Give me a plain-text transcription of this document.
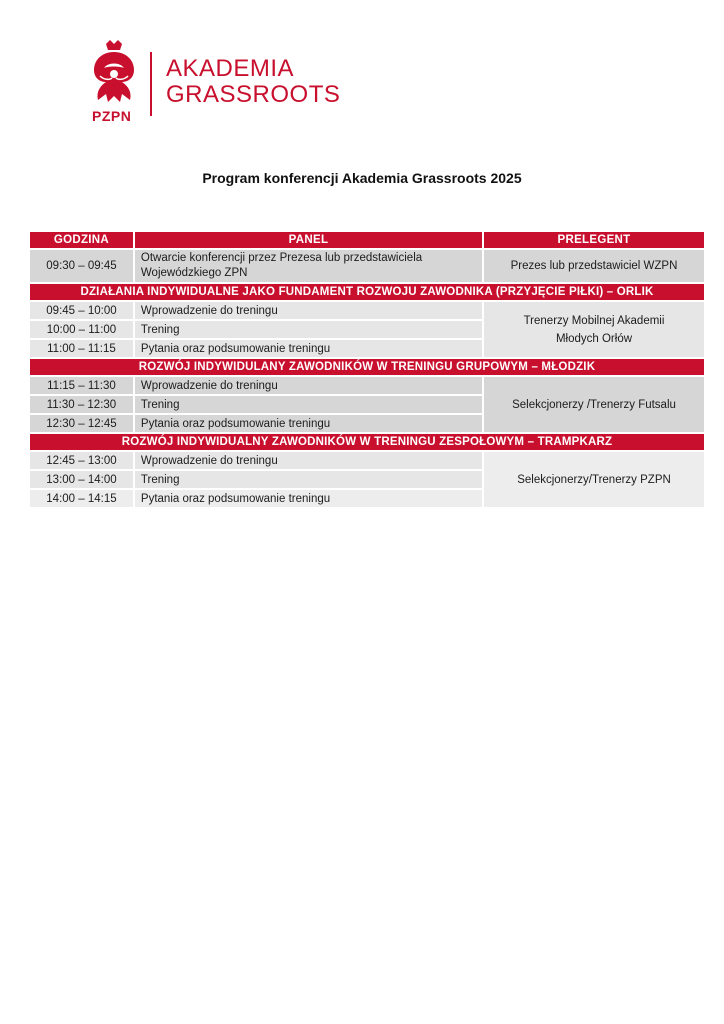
PZPN
AKADEMIA
GRASSROOTS
Program konferencji Akademia Grassroots 2025
GODZINA	PANEL	PRELEGENT
09:30 – 09:45	Otwarcie konferencji przez Prezesa lub przedstawiciela
Wojewódzkiego ZPN	Prezes lub przedstawiciel WZPN
DZIAŁANIA INDYWIDUALNE JAKO FUNDAMENT ROZWOJU ZAWODNIKA (PRZYJĘCIE PIŁKI) – ORLIK		
09:45 – 10:00	Wprowadzenie do treningu	Trenerzy Mobilnej Akademii
Młodych Orłów

10:00 – 11:00	Trening	
11:00 – 11:15	Pytania oraz podsumowanie treningu	
ROZWÓJ INDYWIDULANY ZAWODNIKÓW W TRENINGU GRUPOWYM – MŁODZIK		
11:15 – 11:30	Wprowadzenie do treningu	Selekcjonerzy /Trenerzy Futsalu
11:30 – 12:30	Trening	
12:30 – 12:45	Pytania oraz podsumowanie treningu	
ROZWÓJ INDYWIDUALNY ZAWODNIKÓW W TRENINGU ZESPOŁOWYM – TRAMPKARZ		
12:45 – 13:00	Wprowadzenie do treningu	Selekcjonerzy/Trenerzy PZPN
13:00 – 14:00	Trening	
14:00 – 14:15	Pytania oraz podsumowanie treningu	
